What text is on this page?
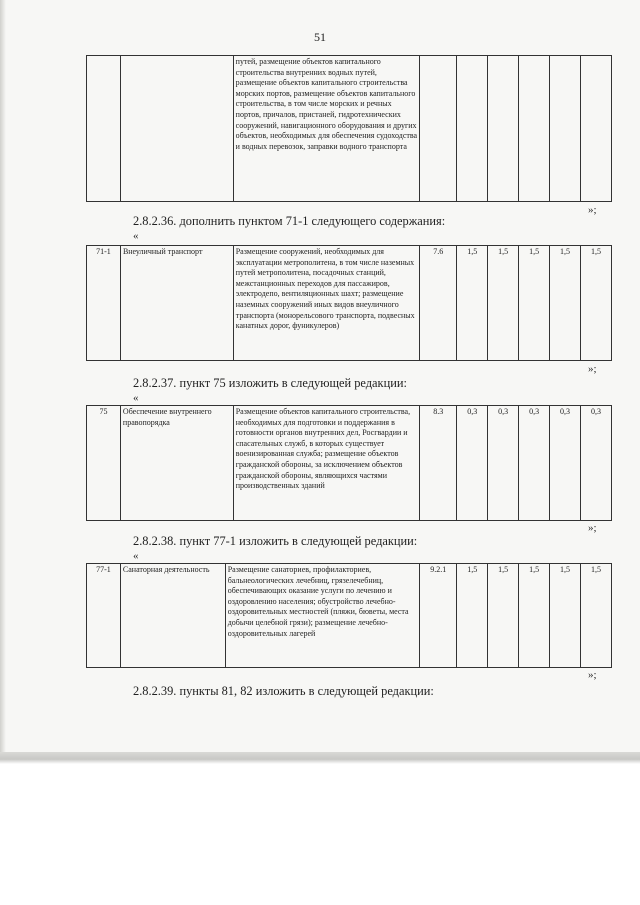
51
		путей, размещение объектов капитального строительства внутренних водных путей, размещение объектов капитального строительства морских портов, размещение объектов капитального строительства, в том числе морских и речных портов, причалов, пристаней, гидротехнических сооружений, навигационного оборудования и других объектов, необходимых для обеспечения судоходства и водных перевозок, заправки водного транспорта						
»;
2.8.2.36. дополнить пунктом 71-1 следующего содержания:
«
71-1	Внеуличный транспорт	Размещение сооружений, необходимых для эксплуатации метрополитена, в том числе наземных путей метрополитена, посадочных станций, межстанционных переходов для пассажиров, электродепо, вентиляционных шахт; размещение наземных сооружений иных видов внеуличного транспорта (монорельсового транспорта, подвесных канатных дорог, фуникулеров)	7.6	1,5	1,5	1,5	1,5	1,5
»;
2.8.2.37. пункт 75 изложить в следующей редакции:
«
75	Обеспечение внутреннего правопорядка	Размещение объектов капитального строительства, необходимых для подготовки и поддержания в готовности органов внутренних дел, Росгвардии и спасательных служб, в которых существует военизированная служба; размещение объектов гражданской обороны, за исключением объектов гражданской обороны, являющихся частями производственных зданий	8.3	0,3	0,3	0,3	0,3	0,3
»;
2.8.2.38. пункт 77-1 изложить в следующей редакции:
«
77-1	Санаторная деятельность	Размещение санаториев, профилакториев, бальнеологических лечебниц, грязелечебниц, обеспечивающих оказание услуги по лечению и оздоровлению населения; обустройство лечебно-оздоровительных местностей (пляжи, бюветы, места добычи целебной грязи); размещение лечебно-оздоровительных лагерей	9.2.1	1,5	1,5	1,5	1,5	1,5
»;
2.8.2.39. пункты 81, 82 изложить в следующей редакции:
